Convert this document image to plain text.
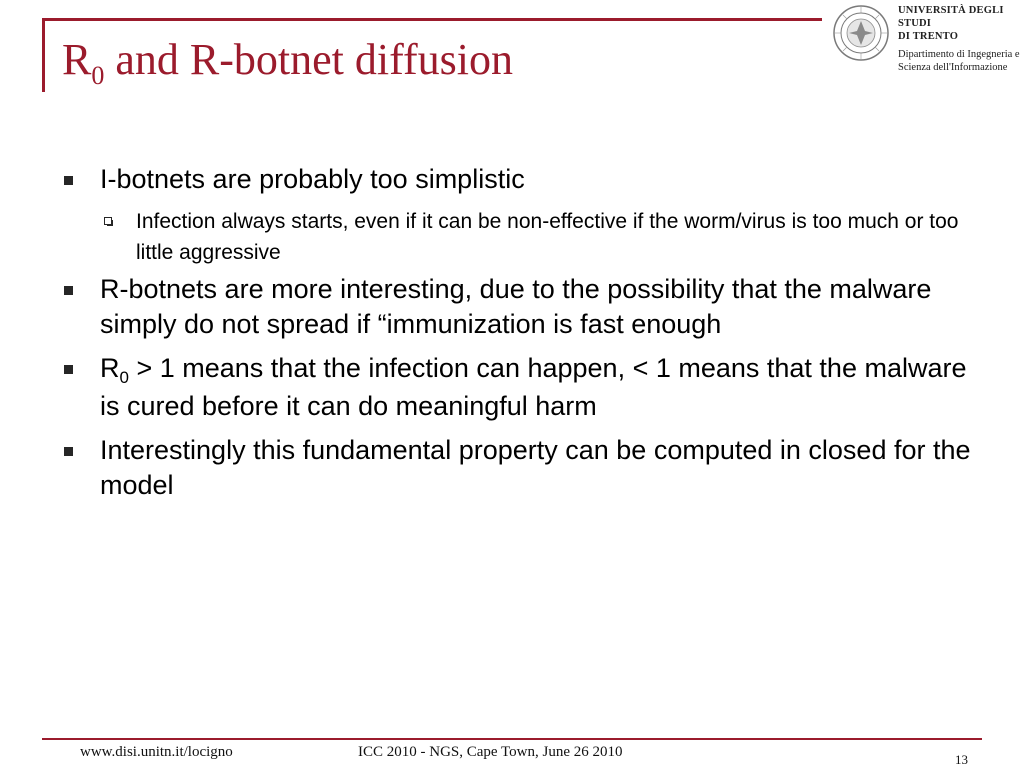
$R_0$ and R-botnet diffusion
UNIVERSITÀ DEGLI STUDI
DI TRENTO
Dipartimento di Ingegneria e
Scienza dell'Informazione
I-botnets are probably too simplistic
Infection always starts, even if it can be non-effective if the worm/virus is too much or too little aggressive
R-botnets are more interesting, due to the possibility that the malware simply do not spread if “immunization is fast enough
$R_0 > 1$ means that the infection can happen, < 1 means that the malware is cured before it can do meaningful harm
Interestingly this fundamental property can be computed in closed for the model
www.disi.unitn.it/locigno	ICC 2010 - NGS, Cape Town, June 26 2010	13
